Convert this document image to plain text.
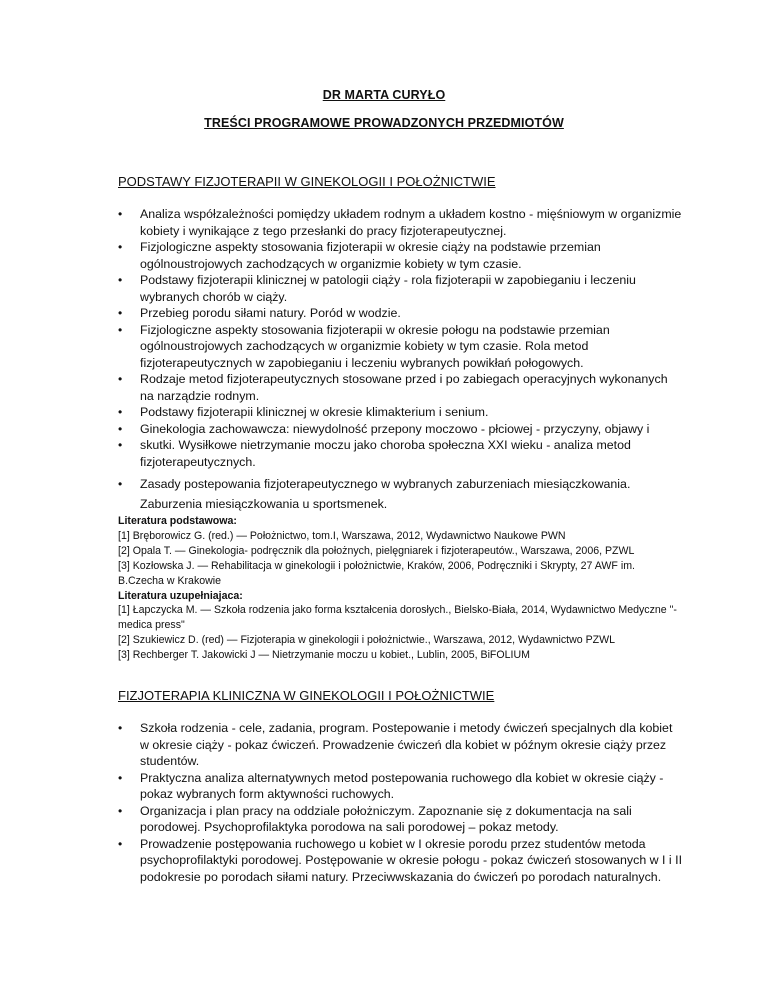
DR MARTA CURYŁO
TREŚCI PROGRAMOWE PROWADZONYCH PRZEDMIOTÓW
PODSTAWY FIZJOTERAPII W GINEKOLOGII I POŁOŻNICTWIE
• Analiza współzależności pomiędzy układem rodnym a układem kostno - mięśniowym w organizmie kobiety i wynikające z tego przesłanki do pracy fizjoterapeutycznej.
• Fizjologiczne aspekty stosowania fizjoterapii w okresie ciąży na podstawie przemian ogólnoustrojowych zachodzących w organizmie kobiety w tym czasie.
• Podstawy fizjoterapii klinicznej w patologii ciąży - rola fizjoterapii w zapobieganiu i leczeniu wybranych chorób w ciąży.
• Przebieg porodu siłami natury. Poród w wodzie.
• Fizjologiczne aspekty stosowania fizjoterapii w okresie połogu na podstawie przemian ogólnoustrojowych zachodzących w organizmie kobiety w tym czasie. Rola metod fizjoterapeutycznych w zapobieganiu i leczeniu wybranych powikłań połogowych.
• Rodzaje metod fizjoterapeutycznych stosowane przed i po zabiegach operacyjnych wykonanych na narządzie rodnym.
• Podstawy fizjoterapii klinicznej w okresie klimakterium i senium.
• Ginekologia zachowawcza: niewydolność przepony moczowo - płciowej - przyczyny, objawy i
• skutki. Wysiłkowe nietrzymanie moczu jako choroba społeczna XXI wieku - analiza metod fizjoterapeutycznych.
• Zasady postepowania fizjoterapeutycznego w wybranych zaburzeniach miesiączkowania. Zaburzenia miesiączkowania u sportsmenek.

Literatura podstawowa:

[1] Bręborowicz G. (red.) — Położnictwo, tom.I, Warszawa, 2012, Wydawnictwo Naukowe PWN

[2] Opala T. — Ginekologia- podręcznik dla położnych, pielęgniarek i fizjoterapeutów., Warszawa, 2006, PZWL

[3] Kozłowska J. — Rehabilitacja w ginekologii i położnictwie, Kraków, 2006, Podręczniki i Skrypty, 27 AWF im. B.Czecha w Krakowie

Literatura uzupełniajaca:

[1] Łapczycka M. — Szkoła rodzenia jako forma kształcenia dorosłych., Bielsko-Biała, 2014, Wydawnictwo Medyczne "-medica press"

[2] Szukiewicz D. (red) — Fizjoterapia w ginekologii i położnictwie., Warszawa, 2012, Wydawnictwo PZWL

[3] Rechberger T. Jakowicki J — Nietrzymanie moczu u kobiet., Lublin, 2005, BiFOLIUM

FIZJOTERAPIA KLINICZNA W GINEKOLOGII I POŁOŻNICTWIE
• Szkoła rodzenia - cele, zadania, program. Postepowanie i metody ćwiczeń specjalnych dla kobiet w okresie ciąży - pokaz ćwiczeń. Prowadzenie ćwiczeń dla kobiet w późnym okresie ciąży przez studentów.
• Praktyczna analiza alternatywnych metod postepowania ruchowego dla kobiet w okresie ciąży - pokaz wybranych form aktywności ruchowych.
• Organizacja i plan pracy na oddziale położniczym. Zapoznanie się z dokumentacja na sali porodowej. Psychoprofilaktyka porodowa na sali porodowej – pokaz metody.
• Prowadzenie postępowania ruchowego u kobiet w I okresie porodu przez studentów metoda psychoprofilaktyki porodowej. Postępowanie w okresie połogu - pokaz ćwiczeń stosowanych w I i II podokresie po porodach siłami natury. Przeciwwskazania do ćwiczeń po porodach naturalnych.
